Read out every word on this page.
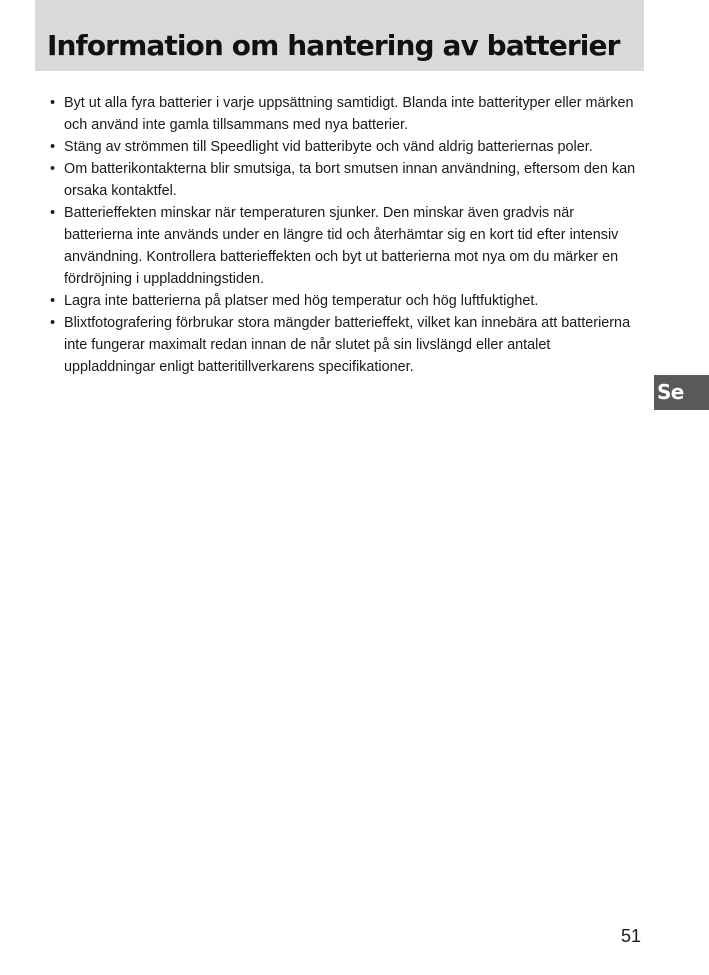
Information om hantering av batterier
• Byt ut alla fyra batterier i varje uppsättning samtidigt. Blanda inte batterityper eller märken och använd inte gamla tillsammans med nya batterier.
• Stäng av strömmen till Speedlight vid batteribyte och vänd aldrig batteriernas poler.
• Om batterikontakterna blir smutsiga, ta bort smutsen innan användning, eftersom den kan orsaka kontaktfel.
• Batterieffekten minskar när temperaturen sjunker. Den minskar även gradvis när batterierna inte används under en längre tid och återhämtar sig en kort tid efter intensiv användning. Kontrollera batterieffekten och byt ut batterierna mot nya om du märker en fördröjning i uppladdningstiden.
• Lagra inte batterierna på platser med hög temperatur och hög luftfuktighet.
• Blixtfotografering förbrukar stora mängder batterieffekt, vilket kan innebära att batterierna inte fungerar maximalt redan innan de når slutet på sin livslängd eller antalet uppladdningar enligt batteritillverkarens specifikationer.
Se
51
